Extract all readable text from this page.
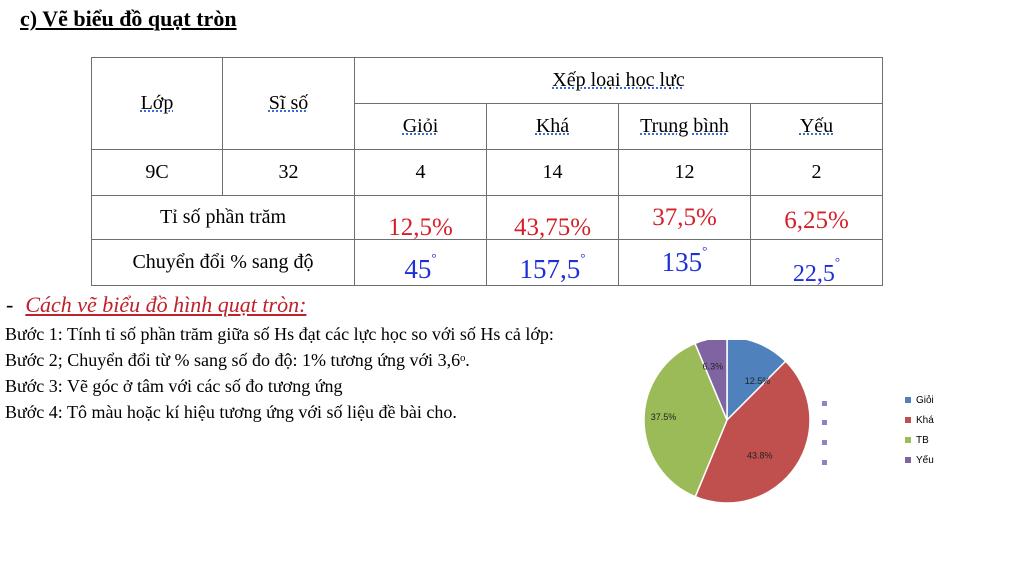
c) Vẽ biểu đồ quạt tròn
Lớp	Sĩ số	Xếp loại học lực			
		Giỏi	Khá	Trung bình	Yếu
9C	32	4	14	12	2
Tỉ số phần trăm		12,5%	43,75%	37,5%	6,25%
Chuyển đổi % sang độ		45°	157,5°	135°	22,5°
- Cách vẽ biểu đồ hình quạt tròn:
Bước 1: Tính tỉ số phần trăm giữa số Hs đạt các lực học so với số Hs cả lớp:
Bước 2; Chuyển đổi từ % sang số đo độ: 1% tương ứng với 3,6ᵒ.
Bước 3: Vẽ góc ở tâm với các số đo tương ứng
Bước 4: Tô màu hoặc kí hiệu tương ứng với số liệu đề bài cho.
12.5%
43.8%
37.5%
6.3%
Giỏi
Khá
TB
Yếu
